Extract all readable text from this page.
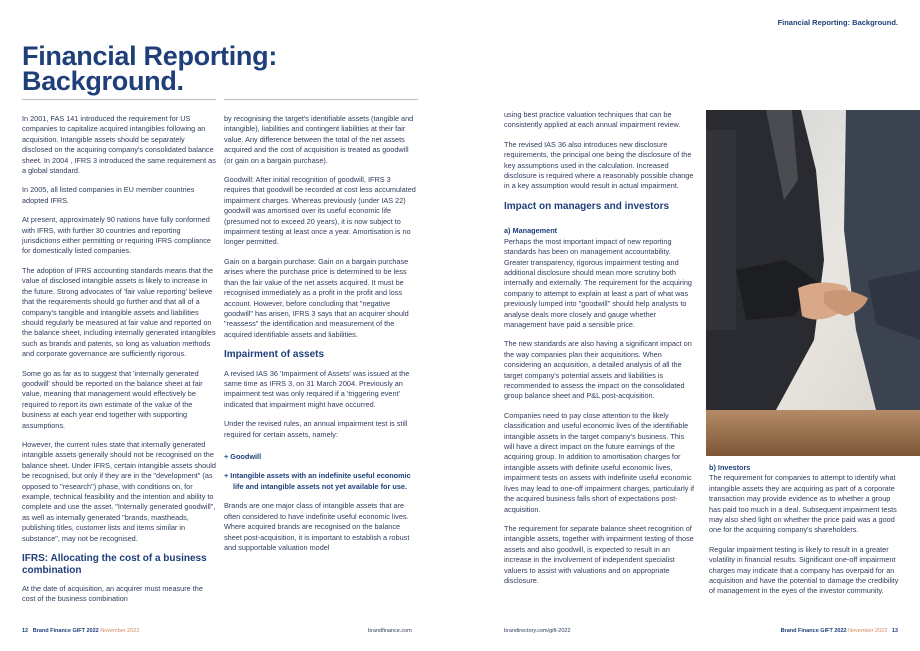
Financial Reporting:
Background.

In 2001, FAS 141 introduced the requirement for US companies to capitalize acquired intangibles following an acquisition. Intangible assets should be separately disclosed on the acquiring company's consolidated balance sheet. In 2004 , IFRS 3 introduced the same requirement as a global standard.

In 2005, all listed companies in EU member countries adopted IFRS.

At present, approximately 90 nations have fully conformed with IFRS, with further 30 countries and reporting jurisdictions either permitting or requiring IFRS compliance for domestically listed companies.

The adoption of IFRS accounting standards means that the value of disclosed intangible assets is likely to increase in the future. Strong advocates of 'fair value reporting' believe that the requirements should go further and that all of a company's tangible and intangible assets and liabilities should regularly be measured at fair value and reported on the balance sheet, including internally generated intangibles such as brands and patents, so long as valuation methods and corporate governance are sufficiently rigorous.

Some go as far as to suggest that 'internally generated goodwill' should be reported on the balance sheet at fair value, meaning that management would effectively be required to report its own estimate of the value of the business at each year end together with supporting assumptions.

However, the current rules state that internally generated intangible assets generally should not be recognised on the balance sheet. Under IFRS, certain intangible assets should be recognised, but only if they are in the "development" (as opposed to "research") phase, with conditions on, for example, technical feasibility and the intention and ability to complete and use the asset. "Internally generated goodwill", as well as internally generated "brands, mastheads, publishing titles, customer lists and items similar in substance", may not be recognised.

IFRS: Allocating the cost of a business combination

At the date of acquisition, an acquirer must measure the cost of the business combination

by recognising the target's identifiable assets (tangible and intangible), liabilities and contingent liabilities at their fair value. Any difference between the total of the net assets acquired and the cost of acquisition is treated as goodwill (or gain on a bargain purchase).

Goodwill: After initial recognition of goodwill, IFRS 3 requires that goodwill be recorded at cost less accumulated impairment charges. Whereas previously (under IAS 22) goodwill was amortised over its useful economic life (presumed not to exceed 20 years), it is now subject to impairment testing at least once a year. Amortisation is no longer permitted.

Gain on a bargain purchase: Gain on a bargain purchase arises where the purchase price is determined to be less than the fair value of the net assets acquired. It must be recognised immediately as a profit in the profit and loss account. However, before concluding that "negative goodwill" has arisen, IFRS 3 says that an acquirer should "reassess" the identification and measurement of the acquired identifiable assets and liabilities.

Impairment of assets

A revised IAS 36 'Impairment of Assets' was issued at the same time as IFRS 3, on 31 March 2004. Previously an impairment test was only required if a 'triggering event' indicated that impairment might have occurred.

Under the revised rules, an annual impairment test is still required for certain assets, namely:

+ Goodwill

+ Intangible assets with an indefinite useful economic life and intangible assets not yet available for use.

Brands are one major class of intangible assets that are often considered to have indefinite useful economic lives. Where acquired brands are recognised on the balance sheet post-acquisition, it is important to establish a robust and supportable valuation model

12 Brand Finance GIFT 2022 November 2022	brandfinance.com
Financial Reporting: Background.

using best practice valuation techniques that can be consistently applied at each annual impairment review.

The revised IAS 36 also introduces new disclosure requirements, the principal one being the disclosure of the key assumptions used in the calculation. Increased disclosure is required where a reasonably possible change in a key assumption would result in actual impairment.

Impact on managers and investors
a) Management

Perhaps the most important impact of new reporting standards has been on management accountability. Greater transparency, rigorous impairment testing and additional disclosure should mean more scrutiny both internally and externally. The requirement for the acquiring company to attempt to explain at least a part of what was previously lumped into "goodwill" should help analysts to analyse deals more closely and gauge whether management have paid a sensible price.

The new standards are also having a significant impact on the way companies plan their acquisitions. When considering an acquisition, a detailed analysis of all the target company's potential assets and liabilities is recommended to assess the impact on the consolidated group balance sheet and P&L post-acquisition.

Companies need to pay close attention to the likely classification and useful economic lives of the identifiable intangible assets in the target company's business. This will have a direct impact on the future earnings of the acquiring group. In addition to amortisation charges for intangible assets with definite useful economic lives, impairment tests on assets with indefinite useful economic lives may lead to one-off impairment charges, particularly if the acquired business falls short of expectations post-acquisition.

The requirement for separate balance sheet recognition of intangible assets, together with impairment testing of those assets and also goodwill, is expected to result in an increase in the involvement of independent specialist valuers to assist with valuations and on appropriate disclosure.

b) Investors

The requirement for companies to attempt to identify what intangible assets they are acquiring as part of a corporate transaction may provide evidence as to whether a group has paid too much in a deal. Subsequent impairment tests may also shed light on whether the price paid was a good one for the acquiring company's shareholders.

Regular impairment testing is likely to result in a greater volatility in financial results. Significant one-off impairment charges may indicate that a company has overpaid for an acquisition and have the potential to damage the credibility of management in the eyes of the investor community.

brandirectory.com/gift-2022	Brand Finance GIFT 2022 November 2022 13
